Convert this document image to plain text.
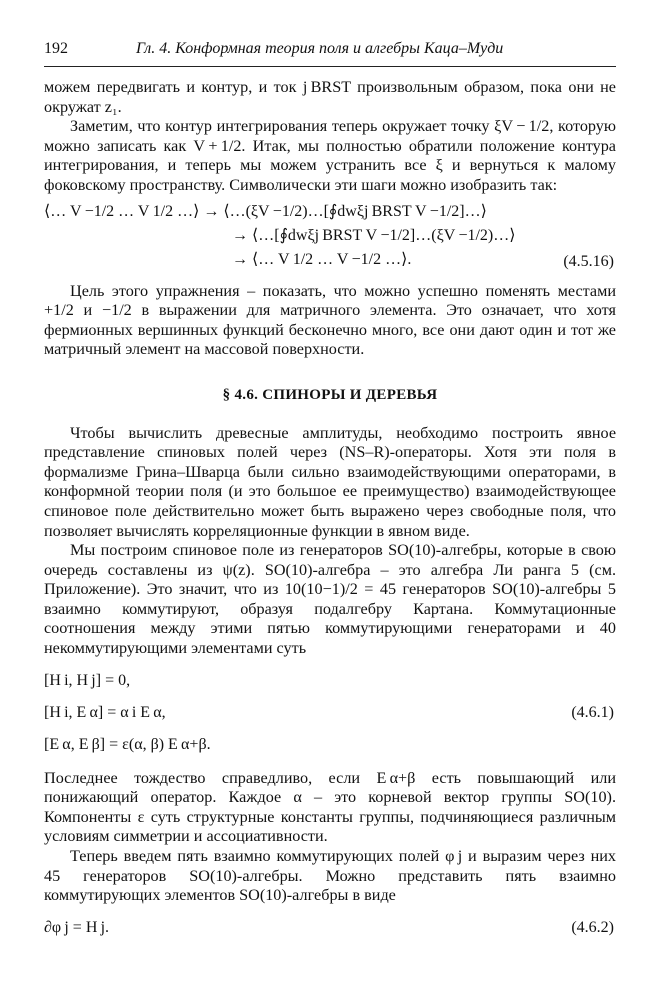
192	Гл. 4. Конформная теория поля и алгебры Каца–Муди

можем передвигать и контур, и ток j BRST произвольным образом, пока они не окружат z₁.

Заметим, что контур интегрирования теперь окружает точку ξV − 1/2, которую можно записать как V + 1/2. Итак, мы полностью обратили положение контура интегрирования, и теперь мы можем устранить все ξ и вернуться к малому фоковскому пространству. Символически эти шаги можно изобразить так:

⟨… V −1/2 … V 1/2 …⟩ → ⟨…(ξV −1/2)…[∮dwξj BRST V −1/2]…⟩
→ ⟨…[∮dwξj BRST V −1/2]…(ξV −1/2)…⟩
→ ⟨… V 1/2 … V −1/2 …⟩.	(4.5.16)

Цель этого упражнения – показать, что можно успешно поменять местами +1/2 и −1/2 в выражении для матричного элемента. Это означает, что хотя фермионных вершинных функций бесконечно много, все они дают один и тот же матричный элемент на массовой поверхности.

§ 4.6. СПИНОРЫ И ДЕРЕВЬЯ

Чтобы вычислить древесные амплитуды, необходимо построить явное представление спиновых полей через (NS–R)-операторы. Хотя эти поля в формализме Грина–Шварца были сильно взаимодействующими операторами, в конформной теории поля (и это большое ее преимущество) взаимодействующее спиновое поле действительно может быть выражено через свободные поля, что позволяет вычислять корреляционные функции в явном виде.

Мы построим спиновое поле из генераторов SO(10)-алгебры, которые в свою очередь составлены из ψ(z). SO(10)-алгебра – это алгебра Ли ранга 5 (см. Приложение). Это значит, что из 10(10−1)/2 = 45 генераторов SO(10)-алгебры 5 взаимно коммутируют, образуя подалгебру Картана. Коммутационные соотношения между этими пятью коммутирующими генераторами и 40 некоммутирующими элементами суть

[H i, H j] = 0,
[H i, E α] = α i E α,
[E α, E β] = ε(α, β) E α+β.
(4.6.1)

Последнее тождество справедливо, если E α+β есть повышающий или понижающий оператор. Каждое α – это корневой вектор группы SO(10). Компоненты ε суть структурные константы группы, подчиняющиеся различным условиям симметрии и ассоциативности.

Теперь введем пять взаимно коммутирующих полей φ j и выразим через них 45 генераторов SO(10)-алгебры. Можно представить пять взаимно коммутирующих элементов SO(10)-алгебры в виде

∂φ j = H j.	(4.6.2)
